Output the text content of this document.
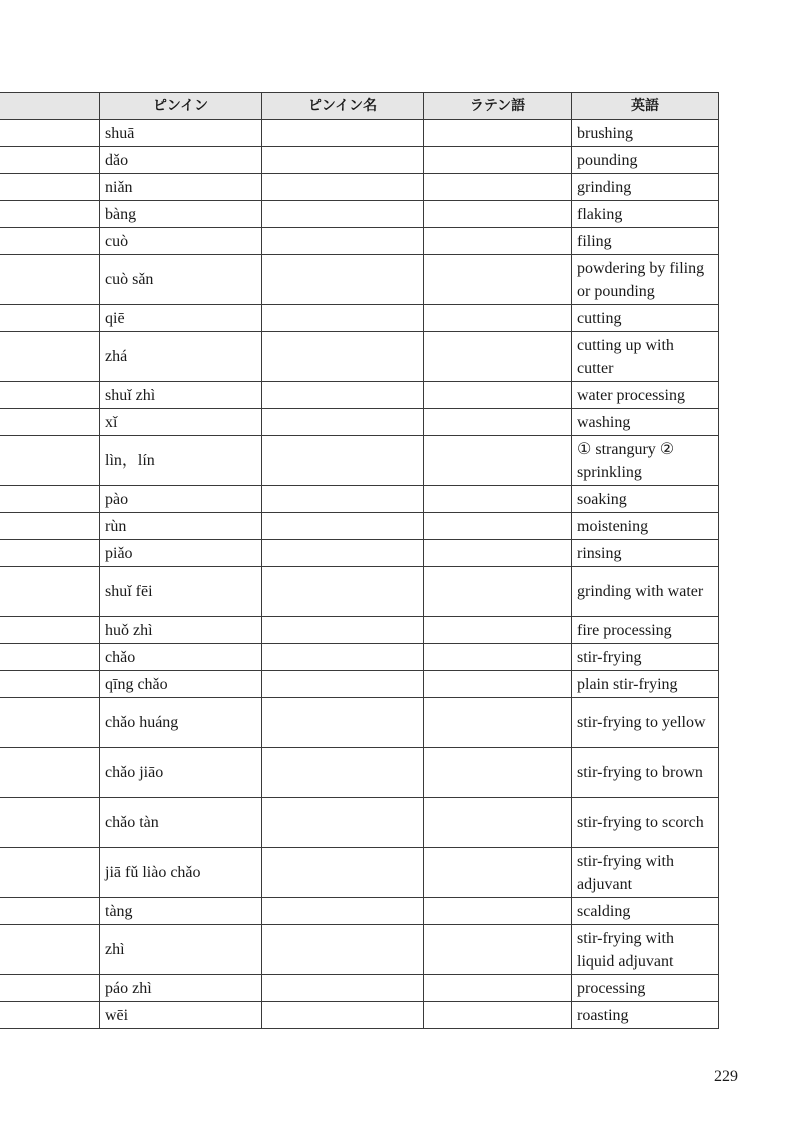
	ピンイン	ピンイン名	ラテン語	英語
	shuā			brushing
	dǎo			pounding
	niǎn			grinding
	bàng			flaking
	cuò			filing
	cuò sǎn			powdering by filing or pounding
	qiē			cutting
	zhá			cutting up with cutter
	shuǐ zhì			water processing
	xǐ			washing
	lìn，lín			① strangury ② sprinkling
	pào			soaking
	rùn			moistening
	piǎo			rinsing
	shuǐ fēi			grinding with water
	huǒ zhì			fire processing
	chǎo			stir-frying
	qīng chǎo			plain stir-frying
	chǎo huáng			stir-frying to yellow
	chǎo jiāo			stir-frying to brown
	chǎo tàn			stir-frying to scorch
	jiā fǔ liào chǎo			stir-frying with adjuvant
	tàng			scalding
	zhì			stir-frying with liquid adjuvant
	páo zhì			processing
	wēi			roasting
229
